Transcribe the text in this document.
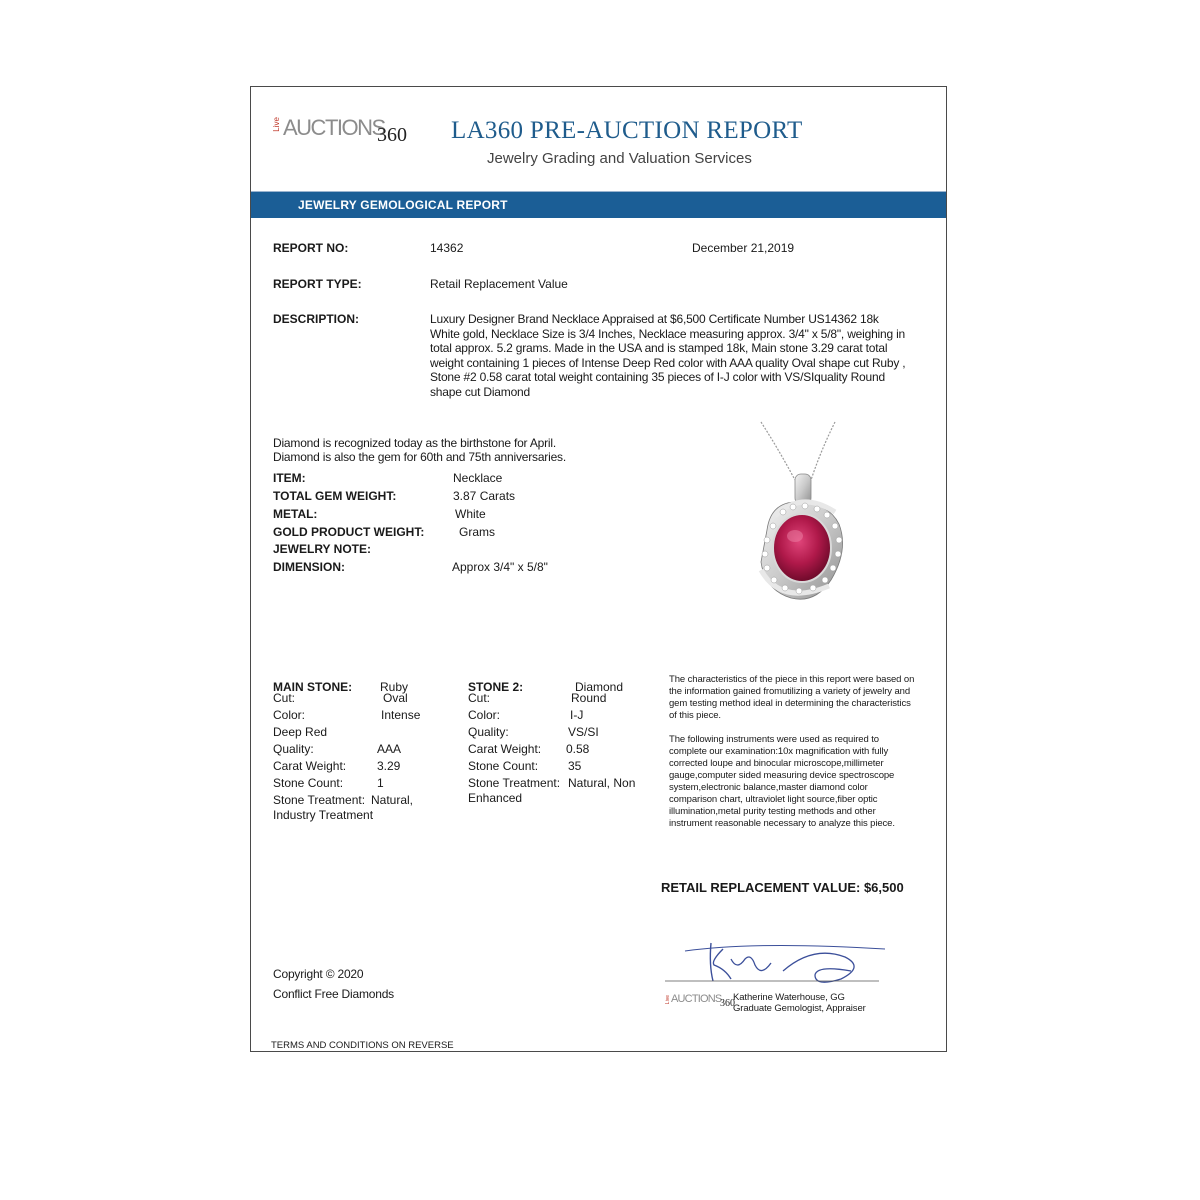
Live AUCTIONS
360 LA360 PRE-AUCTION REPORT
Jewelry Grading and Valuation Services
JEWELRY GEMOLOGICAL REPORT
REPORT NO:	14362	December 21,2019
REPORT TYPE:	Retail Replacement Value
DESCRIPTION:	Luxury Designer Brand Necklace Appraised at $6,500 Certificate Number US14362 18k White gold, Necklace Size is 3/4 Inches, Necklace measuring approx. 3/4" x 5/8", weighing in total approx. 5.2 grams. Made in the USA and is stamped 18k, Main stone 3.29 carat total weight containing 1 pieces of Intense Deep Red color with AAA quality Oval shape cut Ruby , Stone #2 0.58 carat total weight containing 35 pieces of I-J color with VS/SIquality Round shape cut Diamond
Diamond is recognized today as the birthstone for April.
Diamond is also the gem for 60th and 75th anniversaries.
ITEM:	Necklace
TOTAL GEM WEIGHT:	3.87 Carats
METAL:	White
GOLD PRODUCT WEIGHT:	Grams
JEWELRY NOTE:
DIMENSION:	Approx 3/4" x 5/8"
MAIN STONE: Ruby
Cut:	Oval
Color:	Intense
Deep Red
Quality:	AAA
Carat Weight:	3.29
Stone Count:	1
Stone Treatment: Natural,
Industry Treatment
STONE 2:	Diamond
Cut:	Round
Color:	I-J
Quality:	VS/SI
Carat Weight: 0.58
Stone Count: 35
Stone Treatment: Natural, Non
Enhanced
The characteristics of the piece in this report were based on the information gained fromutilizing a variety of jewelry and gem testing method ideal in determining the characteristics of this piece.
The following instruments were used as required to complete our examination:10x magnification with fully corrected loupe and binocular microscope,millimeter gauge,computer sided measuring device spectroscope system,electronic balance,master diamond color comparison chart, ultraviolet light source,fiber optic illumination,metal purity testing methods and other instrument reasonable necessary to analyze this piece.
RETAIL REPLACEMENT VALUE: $6,500
Copyright © 2020
Conflict Free Diamonds	Live AUCTIONS
360
Katherine Waterhouse, GG
Graduate Gemologist, Appraiser
TERMS AND CONDITIONS ON REVERSE
